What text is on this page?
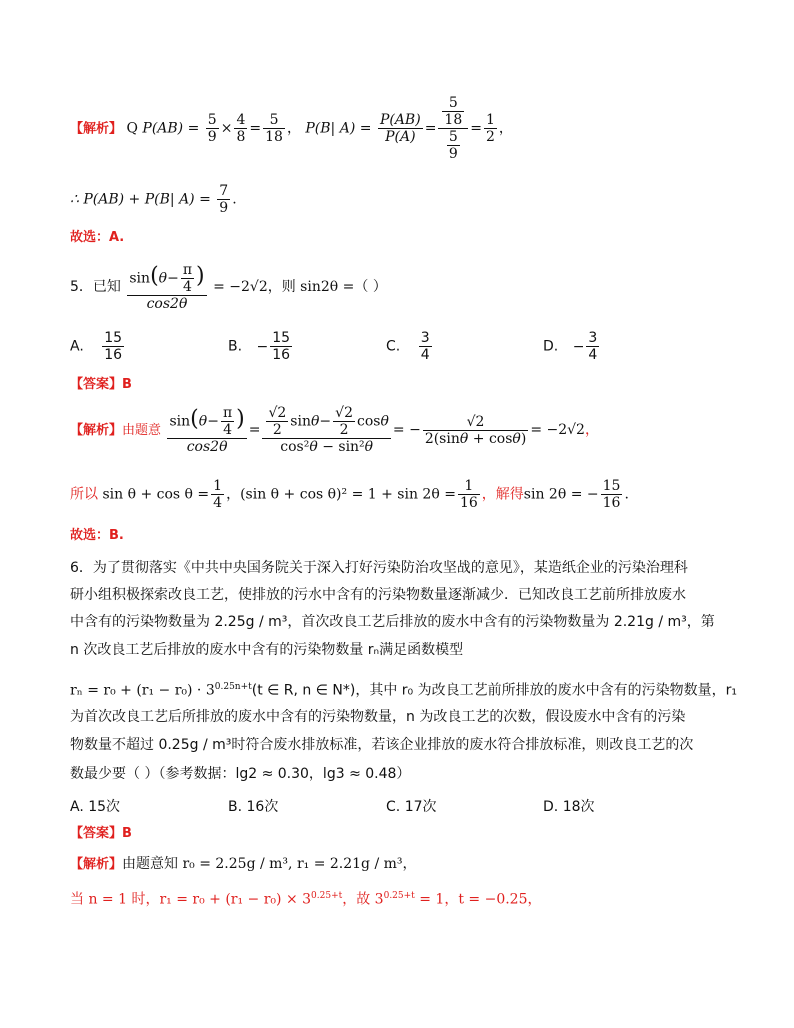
【解析】 Q $P(AB) = \frac{5}{9} \times \frac{4}{8} = \frac{5}{18}$ ， P(B| $A) = \frac{P(AB)}{P(A)} = \frac{\frac{5}{18}}{\frac{5}{9}} = \frac{1}{2}$ ，
∴ P(AB) + P(B| $A) = \frac{7}{9}$ .
故选：A.
5．已知 $\frac{\sin(\theta- \frac{\pi}{4} )}{\cos 2\theta} = -2√2$，则 sin2θ =（ ）
A. $\frac{15}{16}$	B. − $\frac{15}{16}$	C. $\frac{3}{4}$	D. − $\frac{3}{4}$
【答案】B
【解析】由题意 $\frac{\sin(\theta- \frac{\pi}{4} )}{\cos 2\theta} = \frac{\frac{√2}{2} \sin\theta- \frac{√2}{2} \cos\theta}{\text{cos²θ − sin²θ}}$ = − $\frac{√2}{2(\sin\theta + \cos\theta)} = -2√2$，
所以 $\sin \theta + \cos \theta = \frac{1}{4}$ ，(sin $\theta + \cos \theta)^2 = 1 + \sin 2\theta = \frac{1}{16}$ ，解得sin 2θ = − $\frac{15}{16}$ .
故选：B.
6．为了贯彻落实《中共中央国务院关于深入打好污染防治攻坚战的意见》，某造纸企业的污染治理科
研小组积极探索改良工艺，使排放的污水中含有的污染物数量逐渐减少．已知改良工艺前所排放废水
中含有的污染物数量为 2.25g / m³，首次改良工艺后排放的废水中含有的污染物数量为 2.21g / m³，第
n 次改良工艺后排放的废水中含有的污染物数量 rₙ满足函数模型
$r_n = r_0 + (r_1 - r_0) \cdot 3^{0.25n+t}(t$ ∈ R, n ∈ N*)，其中 r₀ 为改良工艺前所排放的废水中含有的污染物数量，r₁
为首次改良工艺后所排放的废水中含有的污染物数量，n 为改良工艺的次数，假设废水中含有的污染
物数量不超过 0.25g / m³时符合废水排放标准，若该企业排放的废水符合排放标准，则改良工艺的次
数最少要（ ）（参考数据：lg2 ≈ 0.30，lg3 ≈ 0.48）
A. 15次	B. 16次	C. 17次	D. 18次
【答案】B
【解析】由题意知 r₀ = 2.25g / m³, r₁ = 2.21g / m³，
当 n = 1 时，$r_1 = r_0 + (r_1 - r_0) \times 3^{0.25+t}$，故 $3^{0.25+t} = 1$，t = −0.25，
